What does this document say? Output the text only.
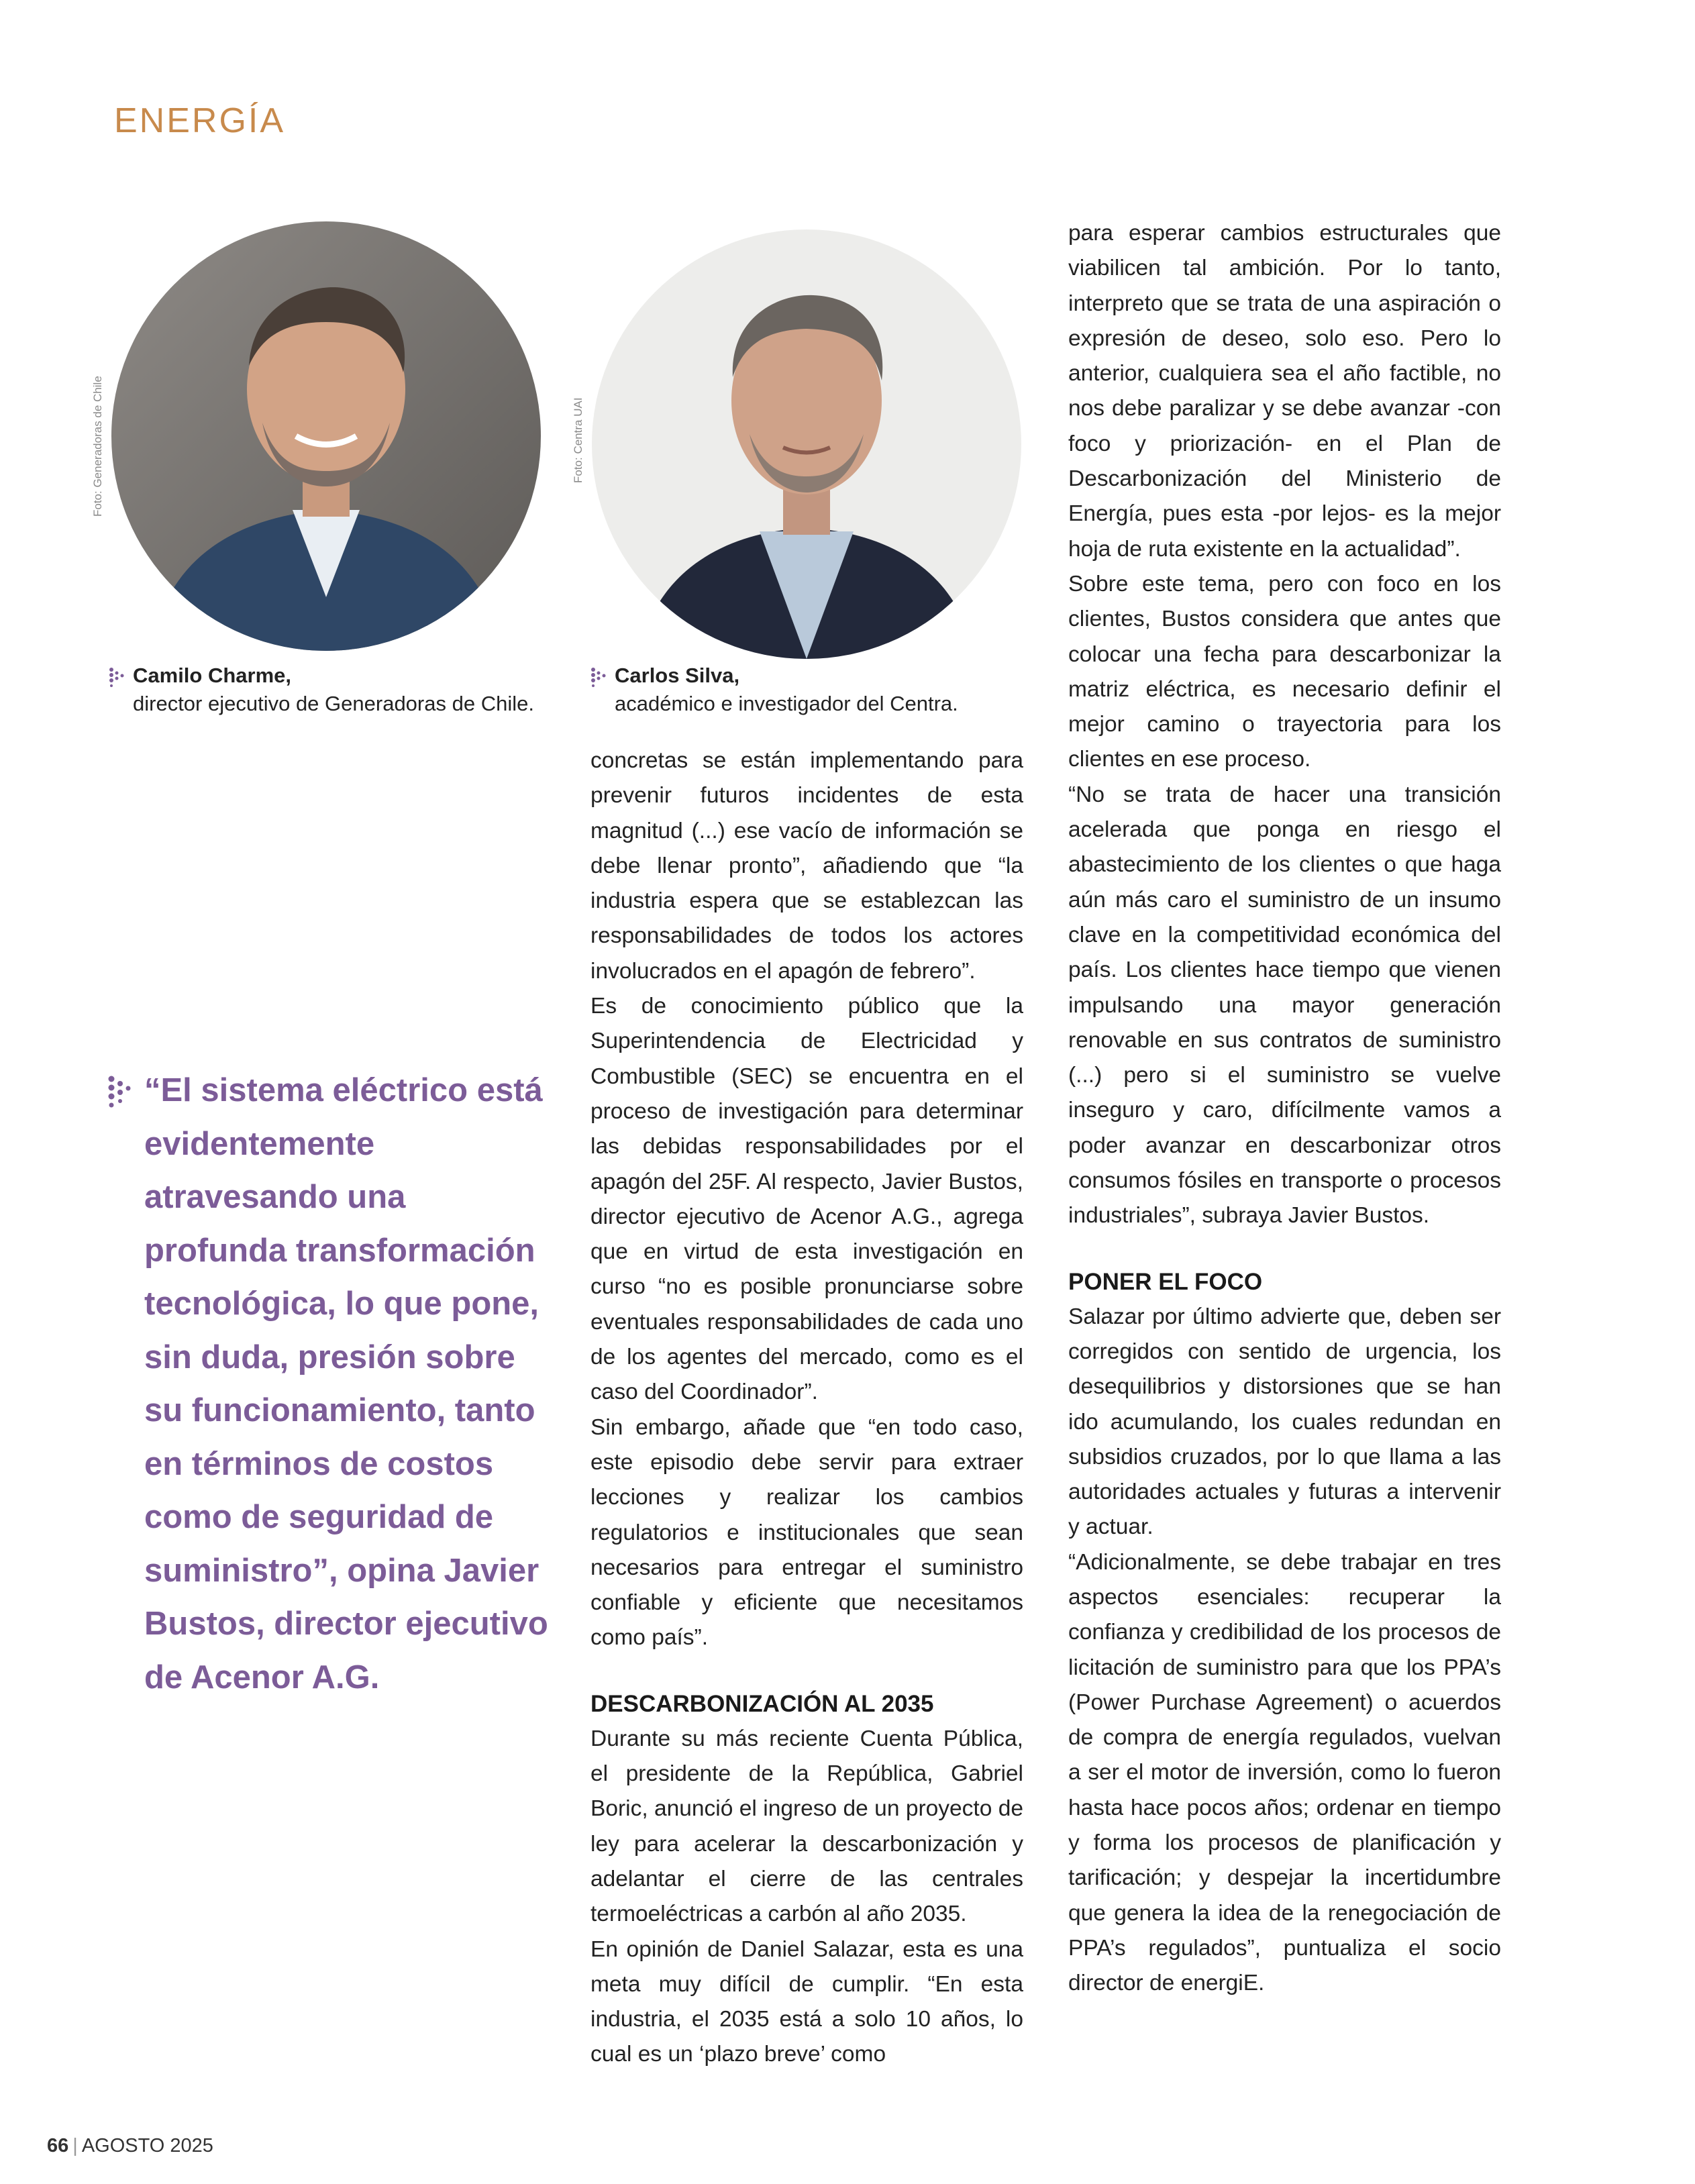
ENERGÍA
Foto: Generadoras de Chile
Camilo Charme,
director ejecutivo de Generadoras de Chile.
Foto: Centra UAI
Carlos Silva,
académico e investigador del Centra.
“El sistema eléctrico está evidentemente atravesando una profunda transformación tecnológica, lo que pone, sin duda, presión sobre su funcionamiento, tanto en términos de costos como de seguridad de suministro”, opina Javier Bustos, director ejecutivo de Acenor A.G.

concretas se están implementando para prevenir futuros incidentes de esta magnitud (...) ese vacío de información se debe llenar pronto”, añadiendo que “la industria espera que se establezcan las responsabilidades de todos los actores involucrados en el apagón de febrero”.

Es de conocimiento público que la Superintendencia de Electricidad y Combustible (SEC) se encuentra en el proceso de investigación para determinar las debidas responsabilidades por el apagón del 25F. Al respecto, Javier Bustos, director ejecutivo de Acenor A.G., agrega que en virtud de esta investigación en curso “no es posible pronunciarse sobre eventuales responsabilidades de cada uno de los agentes del mercado, como es el caso del Coordinador”.

Sin embargo, añade que “en todo caso, este episodio debe servir para extraer lecciones y realizar los cambios regulatorios e institucionales que sean necesarios para entregar el suministro confiable y eficiente que necesitamos como país”.

DESCARBONIZACIÓN AL 2035

Durante su más reciente Cuenta Pública, el presidente de la República, Gabriel Boric, anunció el ingreso de un proyecto de ley para acelerar la descarbonización y adelantar el cierre de las centrales termoeléctricas a carbón al año 2035.

En opinión de Daniel Salazar, esta es una meta muy difícil de cumplir. “En esta industria, el 2035 está a solo 10 años, lo cual es un ‘plazo breve’ como

para esperar cambios estructurales que viabilicen tal ambición. Por lo tanto, interpreto que se trata de una aspiración o expresión de deseo, solo eso. Pero lo anterior, cualquiera sea el año factible, no nos debe paralizar y se debe avanzar -con foco y priorización- en el Plan de Descarbonización del Ministerio de Energía, pues esta -por lejos- es la mejor hoja de ruta existente en la actualidad”.

Sobre este tema, pero con foco en los clientes, Bustos considera que antes que colocar una fecha para descarbonizar la matriz eléctrica, es necesario definir el mejor camino o trayectoria para los clientes en ese proceso.

“No se trata de hacer una transición acelerada que ponga en riesgo el abastecimiento de los clientes o que haga aún más caro el suministro de un insumo clave en la competitividad económica del país. Los clientes hace tiempo que vienen impulsando una mayor generación renovable en sus contratos de suministro (...) pero si el suministro se vuelve inseguro y caro, difícilmente vamos a poder avanzar en descarbonizar otros consumos fósiles en transporte o procesos industriales”, subraya Javier Bustos.

PONER EL FOCO

Salazar por último advierte que, deben ser corregidos con sentido de urgencia, los desequilibrios y distorsiones que se han ido acumulando, los cuales redundan en subsidios cruzados, por lo que llama a las autoridades actuales y futuras a intervenir y actuar.

“Adicionalmente, se debe trabajar en tres aspectos esenciales: recuperar la confianza y credibilidad de los procesos de licitación de suministro para que los PPA’s (Power Purchase Agreement) o acuerdos de compra de energía regulados, vuelvan a ser el motor de inversión, como lo fueron hasta hace pocos años; ordenar en tiempo y forma los procesos de planificación y tarificación; y despejar la incertidumbre que genera la idea de la renegociación de PPA’s regulados”, puntualiza el socio director de energiE.

66 | AGOSTO 2025
